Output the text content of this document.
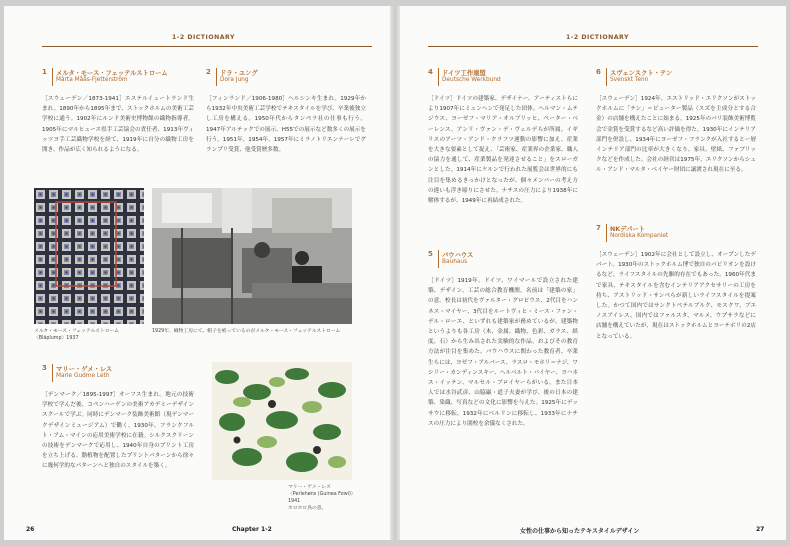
1-2 DICTIONARY
1 メルタ・モース・フェッテルストローム
Märta Måås-Fjetterström
［スウェーデン／1873-1941］エステルイェートランド生まれ。1890年から1895年まで、ストックホルムの美術工芸学校に通う。1902年にルンド美術史博物館の織物指導者。1905年にマルヒュース県手工芸協会の責任者、1913年ヴィッツヨ手工芸織物学校を経て、1919年に自分の織物工房を開き、作品が広く知られるようになる。
2 ドラ・ユング
Dora Jung
［フィンランド／1906-1980］ヘルシンキ生まれ。1929年から1932年中央美術工芸学校でテキスタイルを学び、卒業後独立し工房を構える。1950年代からタンペラ社の仕事も行う。1947年アルテックでの展示、H55での展示など数多くの展示を行う。1951年、1954年、1957年にミラノトリエンナーレでグランプリ受賞、他受賞歴多数。
メルタ・モース・フェッテルストローム〈Bläplump〉1937
1929年、織物工房にて。帽子を被っているのがメルタ・モース・フェッテルストローム
3 マリー・ゲメ・レス
Marie Gudme Leth
［デンマーク／1895-1997］オーフス生まれ。地元の技術学校で学んだ後、コペンハーゲンの美術アカデミーデザインスクールで学ぶ。同時にデンマーク装飾美術館（現デンマークデザインミュージアム）で働く。1930年、フランクフルト・アム・マインの応用美術学校に在籍。シルクスクリーンの技術をデンマークで応用し、1940年自身のプリント工房を立ち上げる。動植物を配置したプリントパターンから徐々に幾何学的なパターンへと独自のスタイルを築く。
マリー・ゲメ・レス
〈Perlehøns (Guinea Fowl)〉1941
ホロホロ鳥の意。
26	Chapter 1-2
1-2 DICTIONARY
4 ドイツ工作連盟
Deutsche Werkbund
［ドイツ］ドイツの建築家、デザイナー、アーティストらにより1907年にミュンヘンで発足した団体。ヘルマン・ムテジウス、ヨーゼフ・マリア・オルブリッヒ、ペーター・ベーレンス、アンリ・ヴァン・デ・ヴェルデらが所属。イギリスのアーツ・アンド・クラフツ運動の影響に加え、産業を大きな要素として捉え、「芸術家、産業界の企業家、職人の協力を通して、産業製品を発達させること」をスローガンとした。1914年にケルンで行われた展覧会は世界的にも注目を集めるきっかけとなったが、個々メンバーの考え方の違いも浮き彫りにさせた。ナチスの圧力により1938年に解体するが、1949年に再結成された。
5 バウハウス
Bauhaus
［ドイツ］1919年、ドイツ、ワイマールで設立された建築、デザイン、工芸の総合教育機関。名前は「建築の家」の意。校長は初代をヴァルター・グロピウス、2代目をハンネス・マイヤー、3代目をルートヴィヒ・ミース・ファン・デル・ローエ、といずれも建築家が務めているが、建築物というよりも各工房（木、金属、織物、色彩、ガラス、紙度、石）から生み出された実験的な作品、およびその教育方法が注目を集めた。バウハウスに関わった教育者、卒業生らには、ヨゼフ・アルバース、ラスロ・モホリ＝ナジ、ワシリー・カンディンスキー、ヘルベルト・バイヤー、ヨハネス・イッテン、マルセル・ブロイヤーらがいる。また日本人では水谷武彦、山脇巌・道子夫妻が学び、後の日本の建築、染織、写真などの文化に影響を与えた。1925年にデッサウに移転、1932年にベルリンに移転し、1933年にナチスの圧力により閉校を余儀なくされた。
6 スヴェンスクト・テン
Svenskt Tenn
［スウェーデン］1924年、エストリッド・エリクソンがストックホルムに「テン」＝ピューター製品（スズを主成分とする合金）の店舗を構えたことに始まる。1925年のパリ装飾美術博覧会で金賞を受賞するなど高い評価を得た。1930年にインテリア部門を併設し、1934年にヨーゼフ・フランクが入社するとー層インテリア部門の比率が大きくなり、家具、壁紙、ファブリックなどを作成した。会社の経営は1975年、エリクソンからシェル・アンド・マルタ・ベイヤー財団に譲渡され現在に至る。
7 NKデパート
Nordiska Kompaniet
［スウェーデン］1902年に会社として設立し、オープンしたデパート。1930年のストックホルム博で独自のパビリオンを設けるなど、ライフスタイルの先駆的存在でもあった。1960年代まで家具、テキスタイルを含むインテリアアクセサリーの工房を持ち、アストリッド・サンペらが新しいライフスタイルを提案した。かつて国内ではサンクトペテルブルク、モスクワ、ブエノスアイレス、国内ではファルスタ、マルメ、ウプサラなどに店舗を構えていたが、現在はストックホルムとヨーテボリの2店となっている。
女性の仕事から知ったテキスタイルデザイン	27
